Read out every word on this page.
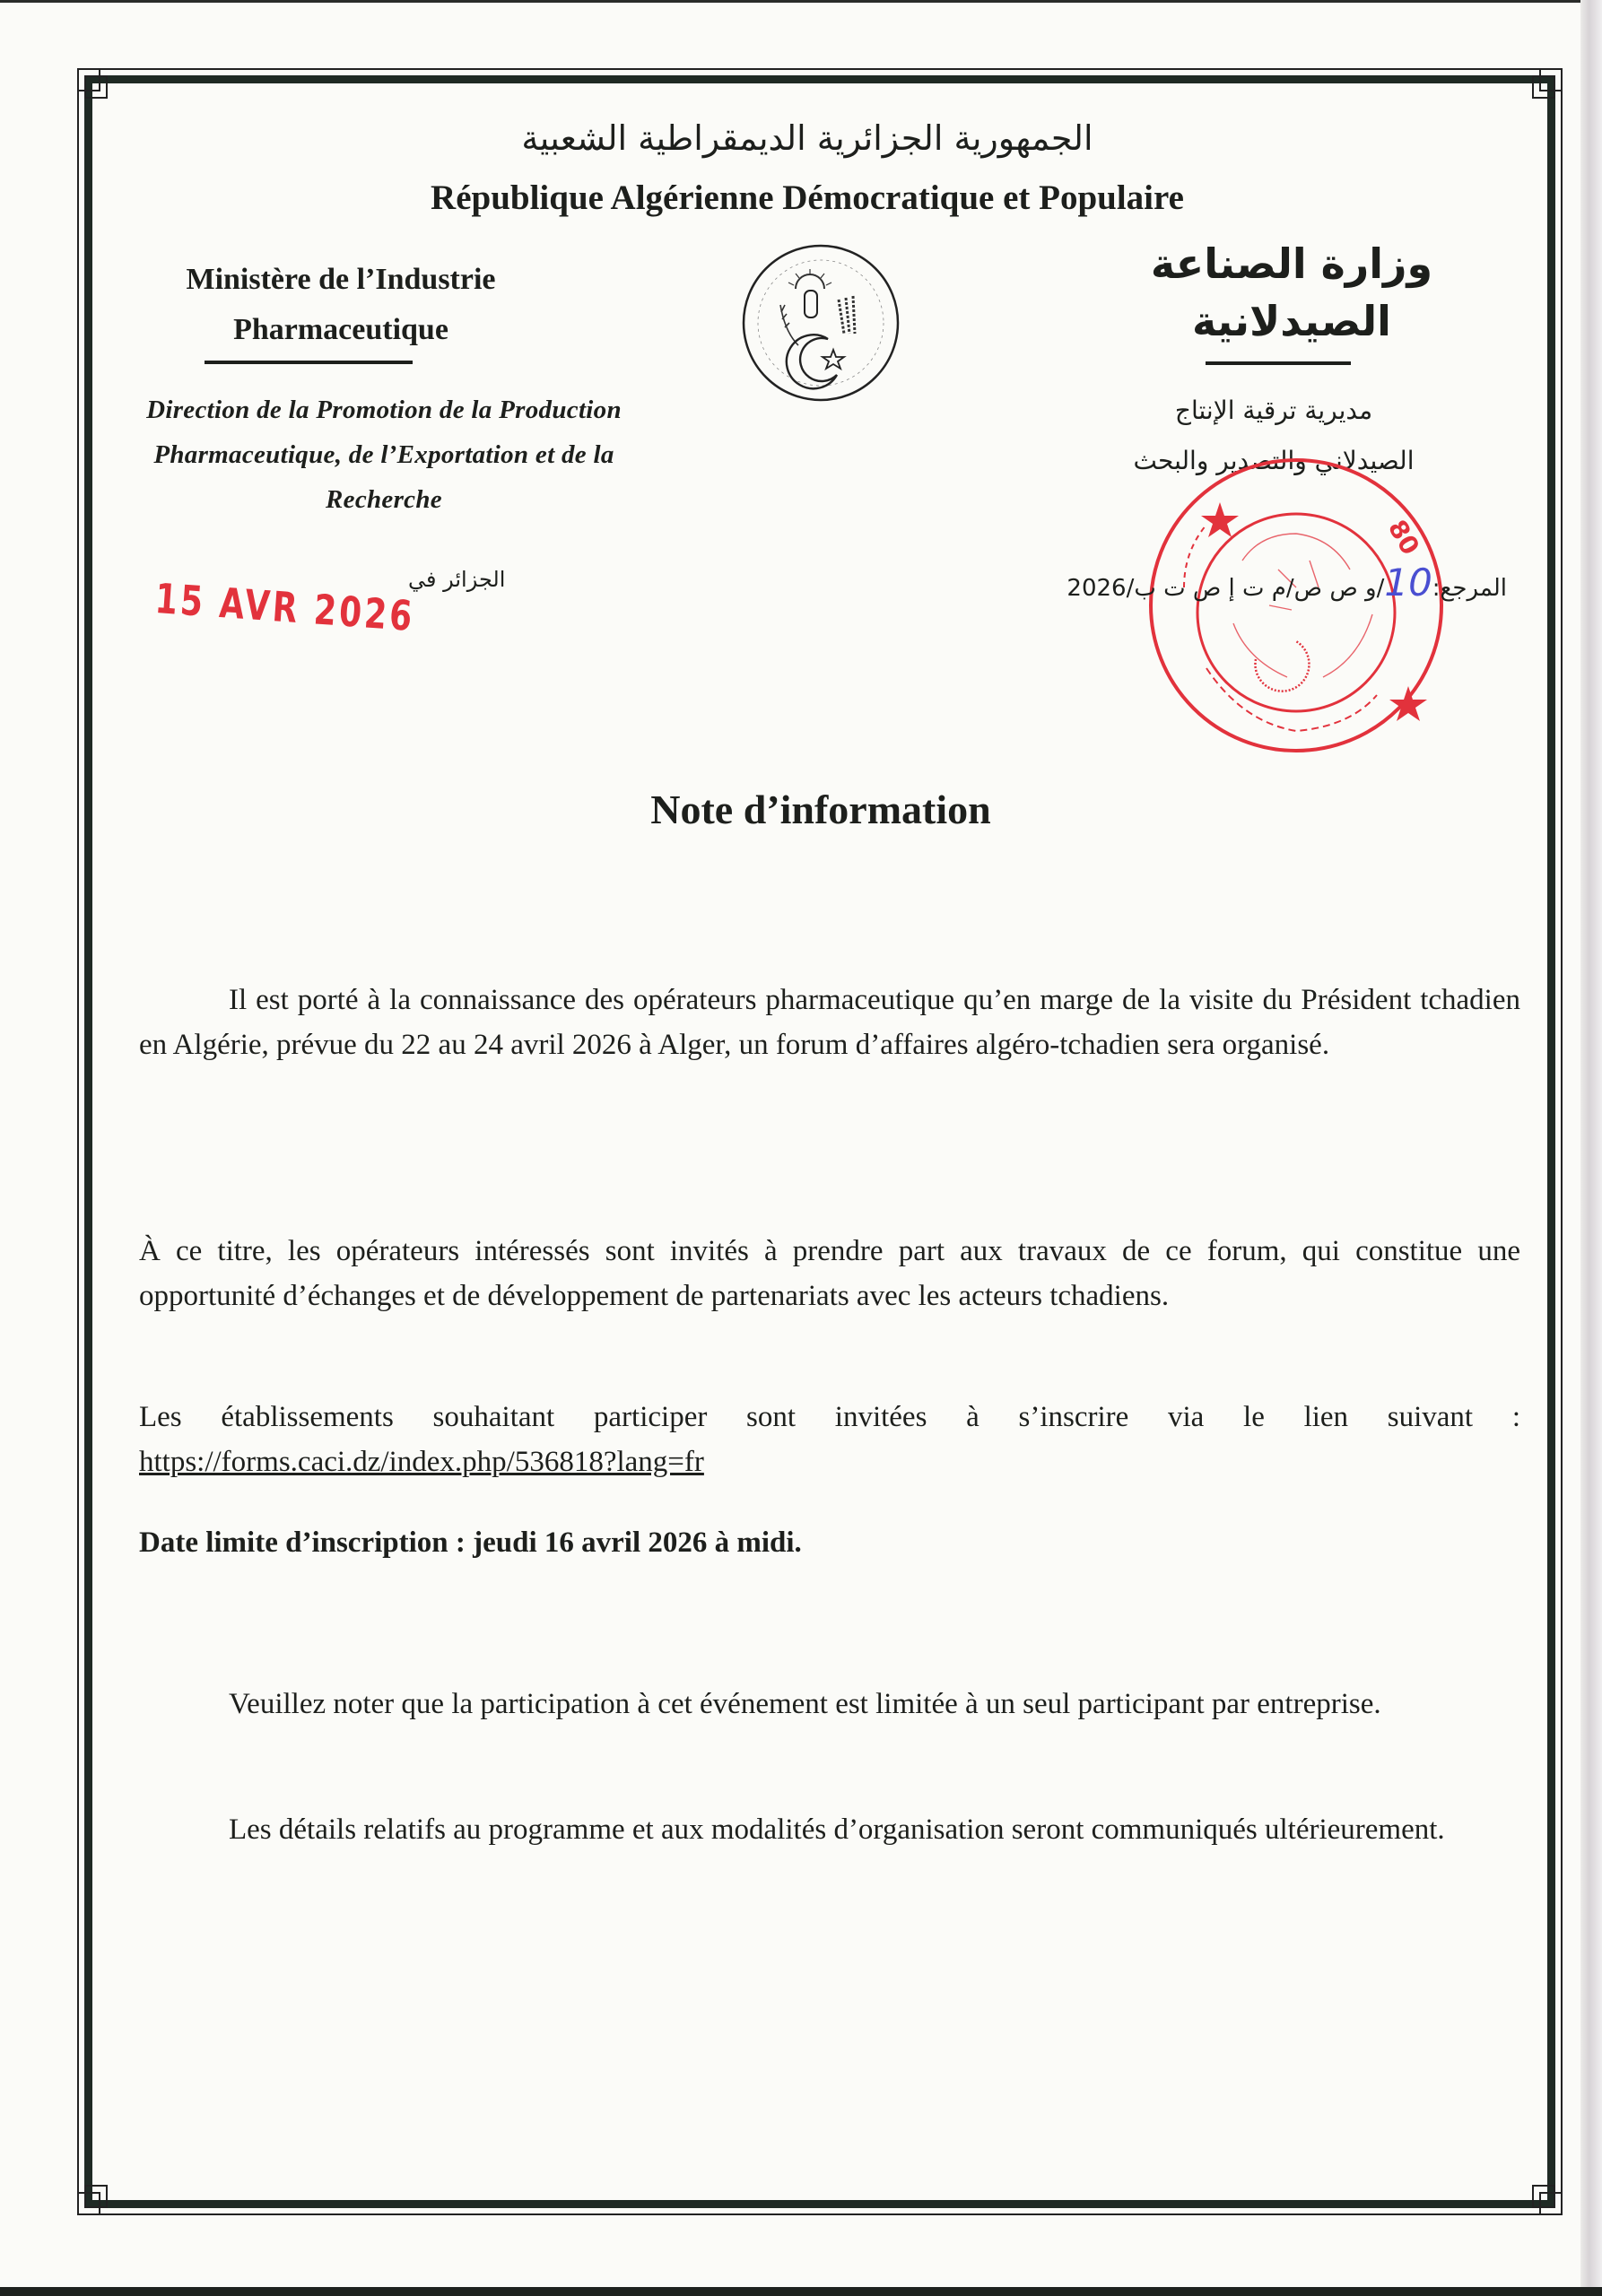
الجمهورية الجزائرية الديمقراطية الشعبية
République Algérienne Démocratique et Populaire
Ministère de l’Industrie
Pharmaceutique
Direction de la Promotion de la Production
Pharmaceutique, de l’Exportation et de la
Recherche
وزارة الصناعة
الصيدلانية
مديرية ترقية الإنتاج
الصيدلاني والتصدير والبحث
15 AVR 2026
الجزائر في
80
المرجع:10/و ص ص/م ت إ ص ت ب/2026
Note d’information

Il est porté à la connaissance des opérateurs pharmaceutique qu’en marge de la visite du Président tchadien en Algérie, prévue du 22 au 24 avril 2026 à Alger, un forum d’affaires algéro-tchadien sera organisé.

À ce titre, les opérateurs intéressés sont invités à prendre part aux travaux de ce forum, qui constitue une opportunité d’échanges et de développement de partenariats avec les acteurs tchadiens.

Les établissements souhaitant participer sont invitées à s’inscrire via le lien suivant :
https://forms.caci.dz/index.php/536818?lang=fr

Date limite d’inscription : jeudi 16 avril 2026 à midi.

Veuillez noter que la participation à cet événement est limitée à un seul participant par entreprise.

Les détails relatifs au programme et aux modalités d’organisation seront communiqués ultérieurement.
